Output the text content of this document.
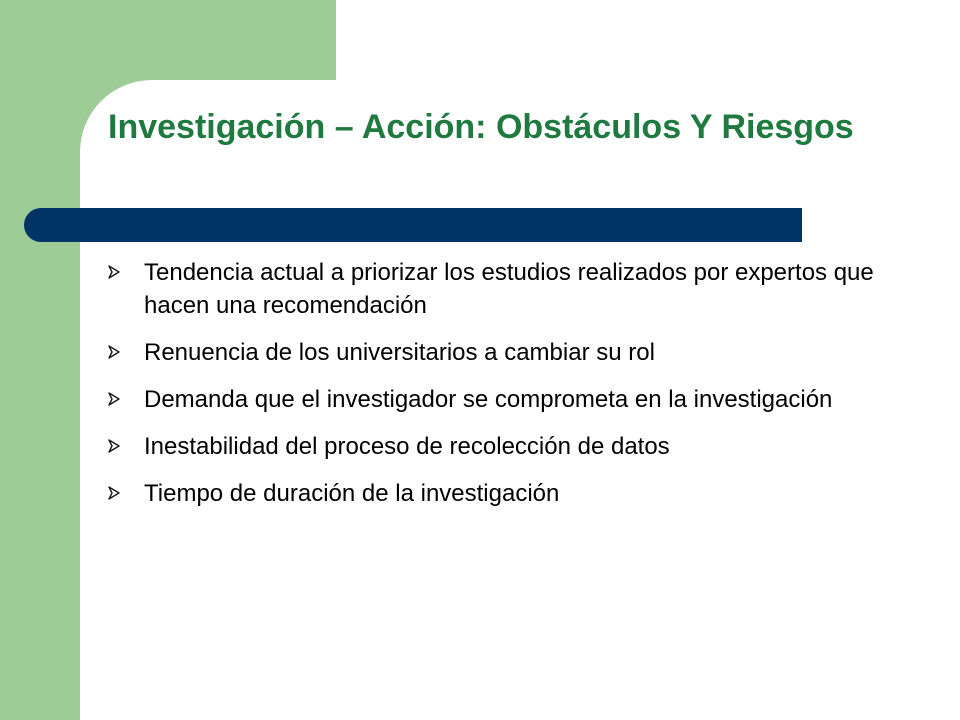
Investigación – Acción: Obstáculos Y Riesgos
Tendencia actual a priorizar los estudios realizados por expertos que hacen una recomendación
Renuencia de los universitarios a cambiar su rol
Demanda que el investigador se comprometa en la investigación
Inestabilidad del proceso de recolección de datos
Tiempo de duración de la investigación
